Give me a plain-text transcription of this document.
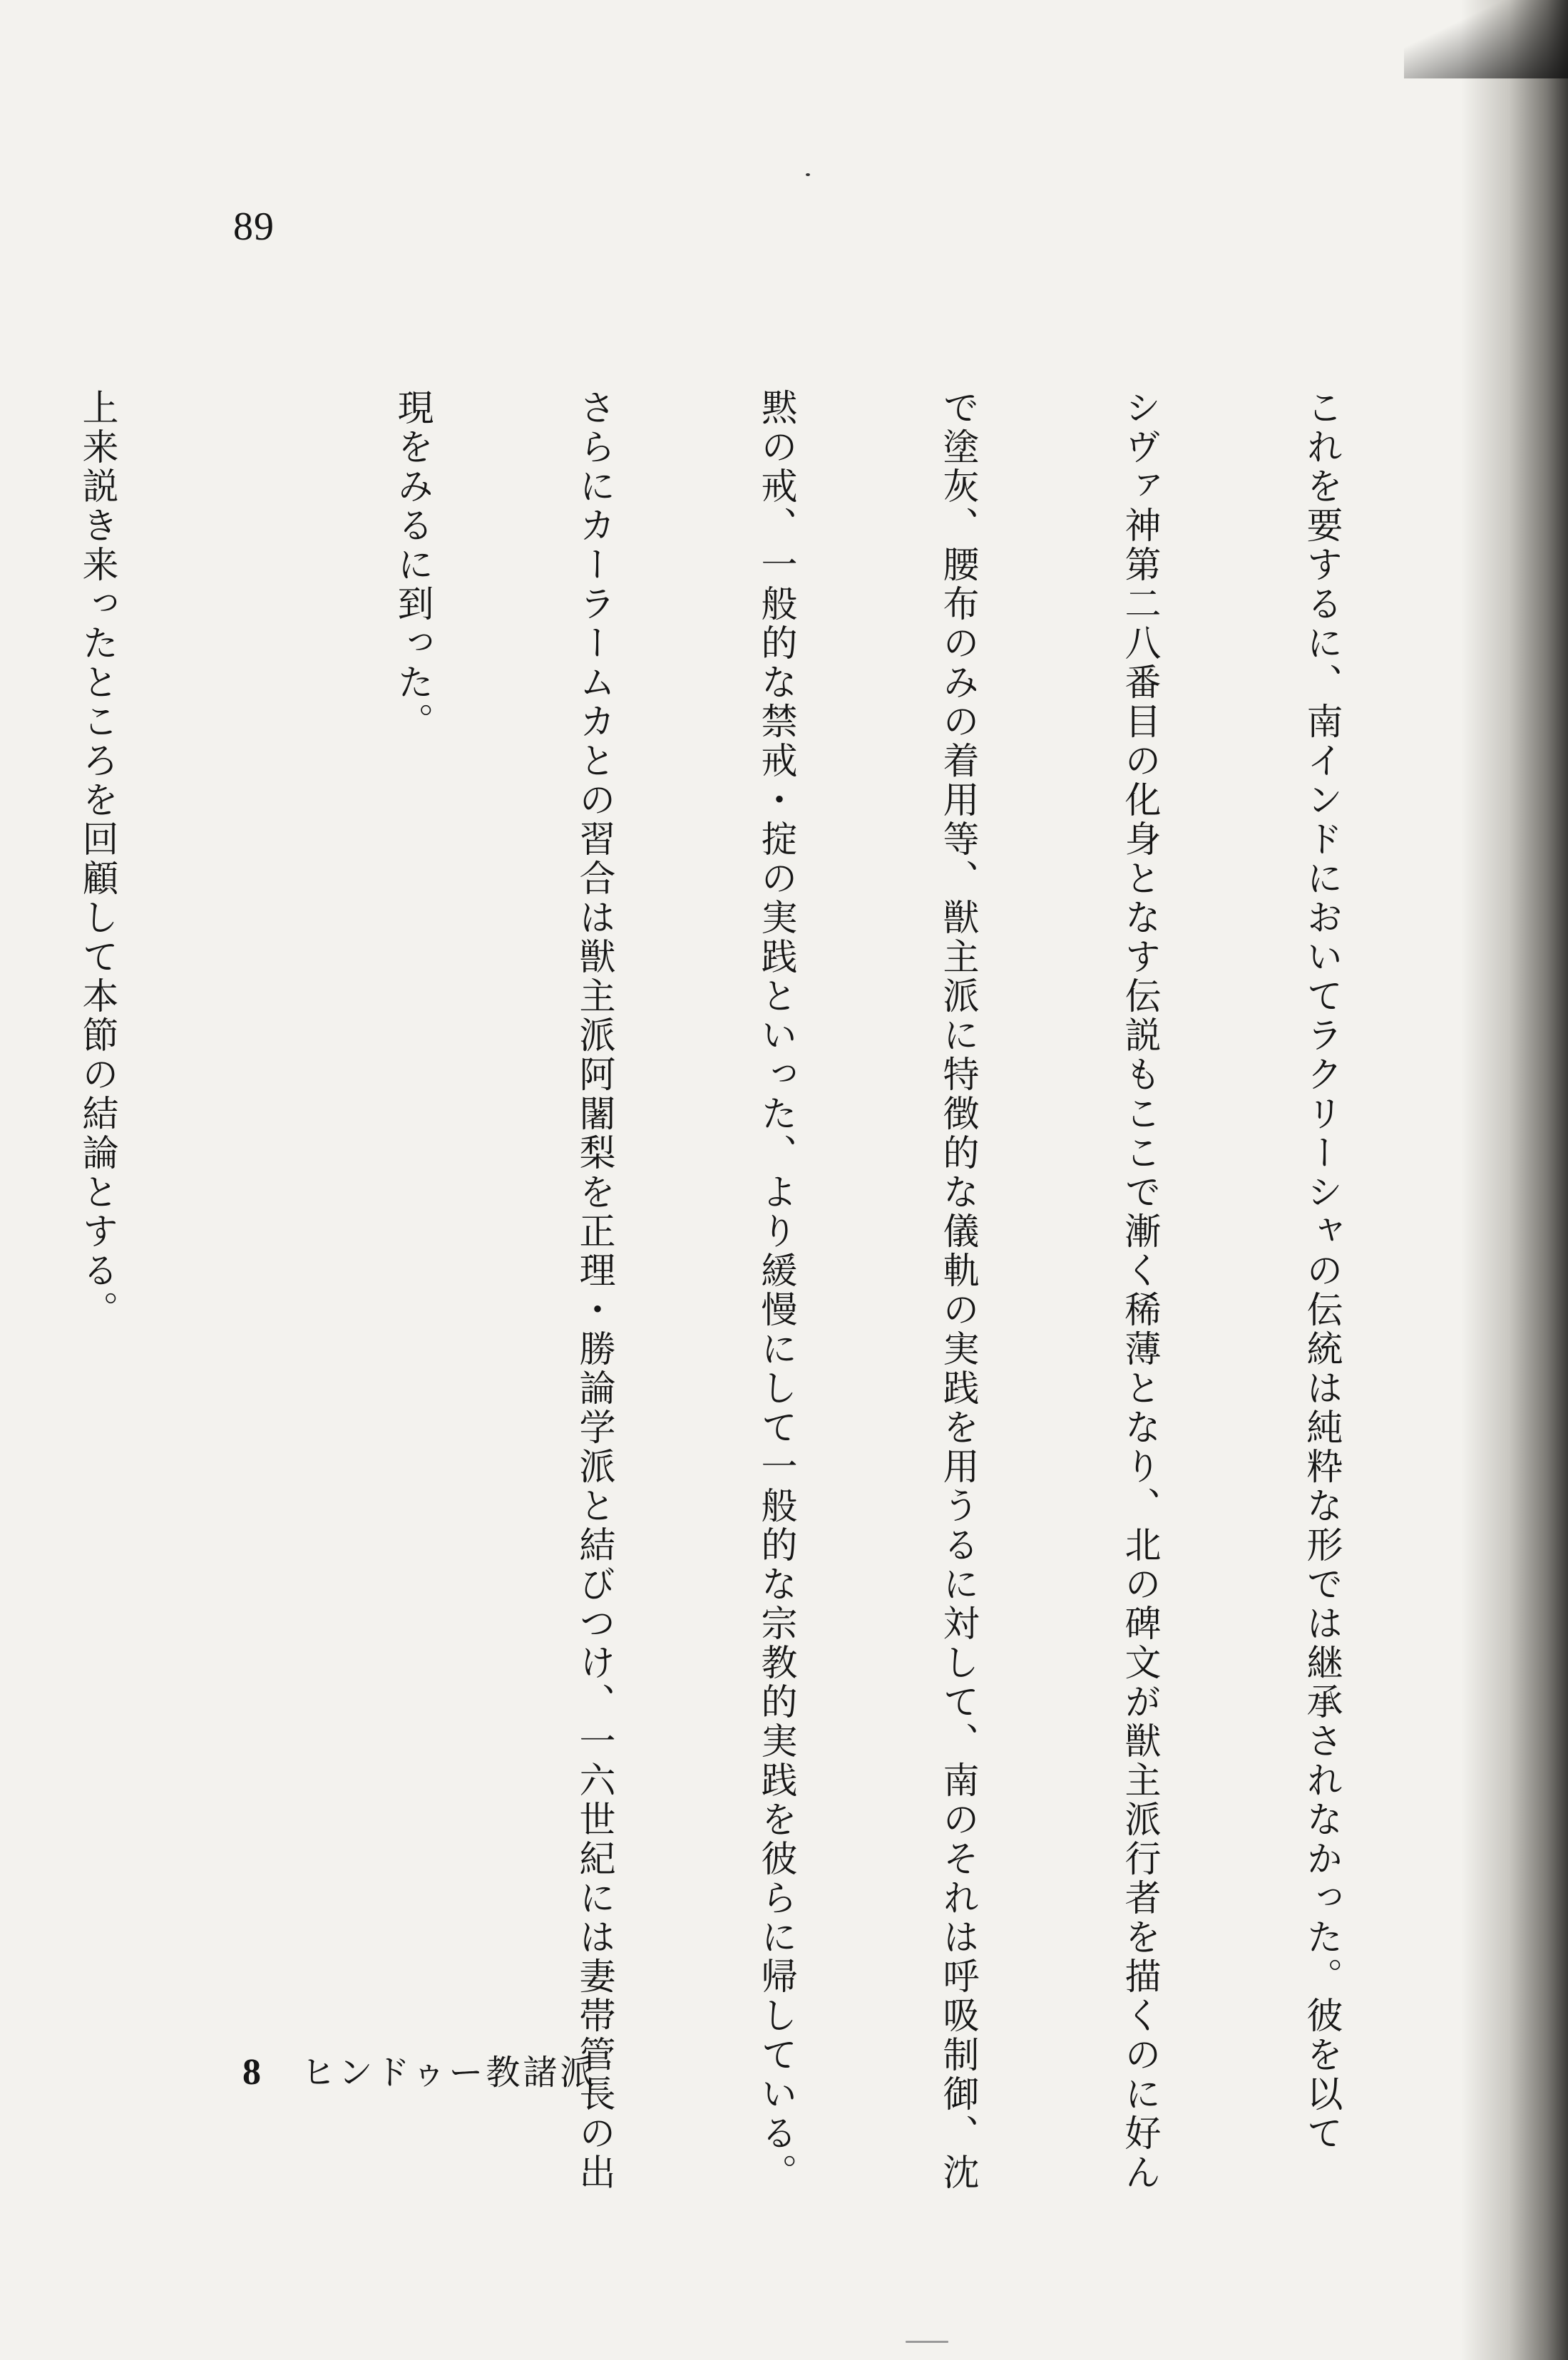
89

これを要するに、南インドにおいてラクリーシャの伝統は純粋な形では継承されなかった。彼を以て

シヴァ神第二八番目の化身となす伝説もここで漸く稀薄となり、北の碑文が獣主派行者を描くのに好ん

で塗灰、腰布のみの着用等、獣主派に特徴的な儀軌の実践を用うるに対して、南のそれは呼吸制御、沈

黙の戒、一般的な禁戒・掟の実践といった、より緩慢にして一般的な宗教的実践を彼らに帰している。

さらにカーラームカとの習合は獣主派阿闍梨を正理・勝論学派と結びつけ、一六世紀には妻帯管長の出

現をみるに到った。

上来説き来ったところを回顧して本節の結論とする。

8 ヒンドゥー教諸派
